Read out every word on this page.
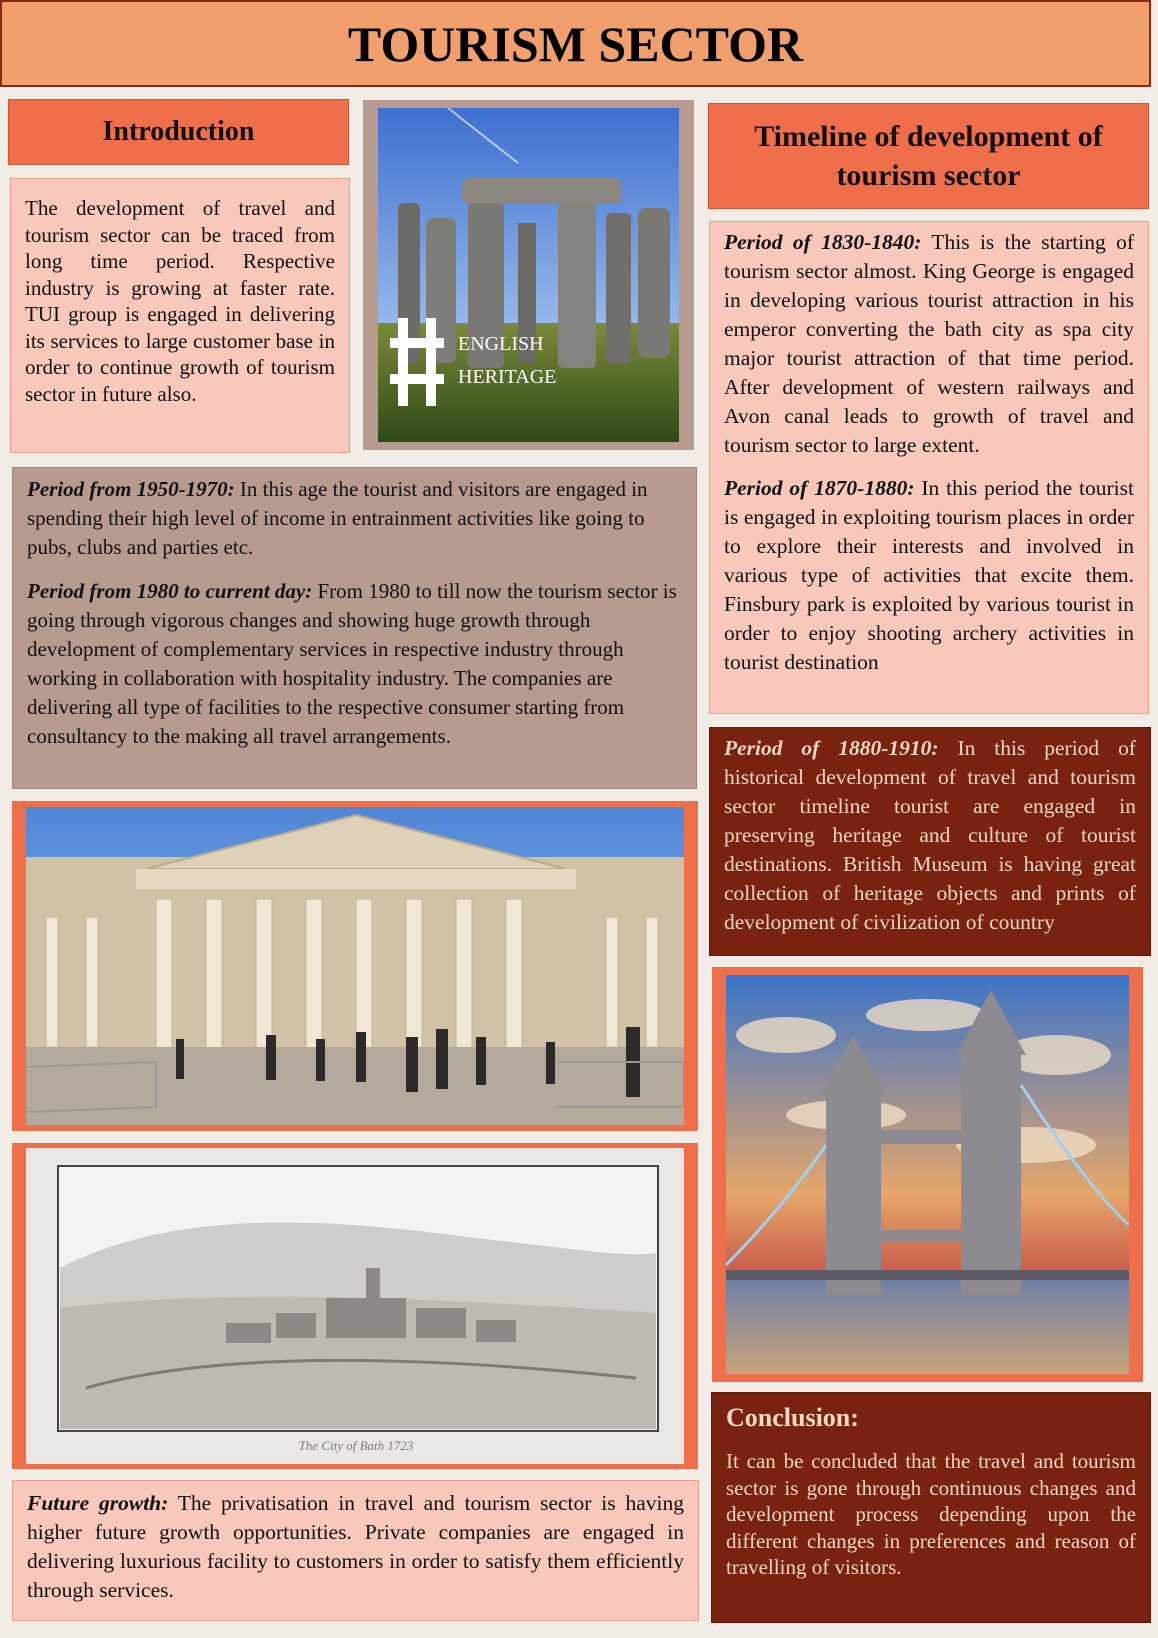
TOURISM SECTOR
Introduction

The development of travel and tourism sector can be traced from long time period. Respective industry is growing at faster rate. TUI group is engaged in delivering its services to large customer base in order to continue growth of tourism sector in future also.

ENGLISH
HERITAGE

Period from 1950-1970: In this age the tourist and visitors are engaged in spending their high level of income in entrainment activities like going to pubs, clubs and parties etc.

Period from 1980 to current day: From 1980 to till now the tourism sector is going through vigorous changes and showing huge growth through development of complementary services in respective industry through working in collaboration with hospitality industry. The companies are delivering all type of facilities to the respective consumer starting from consultancy to the making all travel arrangements.

The City of Bath 1723

Future growth: The privatisation in travel and tourism sector is having higher future growth opportunities. Private companies are engaged in delivering luxurious facility to customers in order to satisfy them efficiently through services.

Timeline of development of tourism sector

Period of 1830-1840: This is the starting of tourism sector almost. King George is engaged in developing various tourist attraction in his emperor converting the bath city as spa city major tourist attraction of that time period. After development of western railways and Avon canal leads to growth of travel and tourism sector to large extent.

Period of 1870-1880: In this period the tourist is engaged in exploiting tourism places in order to explore their interests and involved in various type of activities that excite them. Finsbury park is exploited by various tourist in order to enjoy shooting archery activities in tourist destination

Period of 1880-1910: In this period of historical development of travel and tourism sector timeline tourist are engaged in preserving heritage and culture of tourist destinations. British Museum is having great collection of heritage objects and prints of development of civilization of country

Conclusion:

It can be concluded that the travel and tourism sector is gone through continuous changes and development process depending upon the different changes in preferences and reason of travelling of visitors.
